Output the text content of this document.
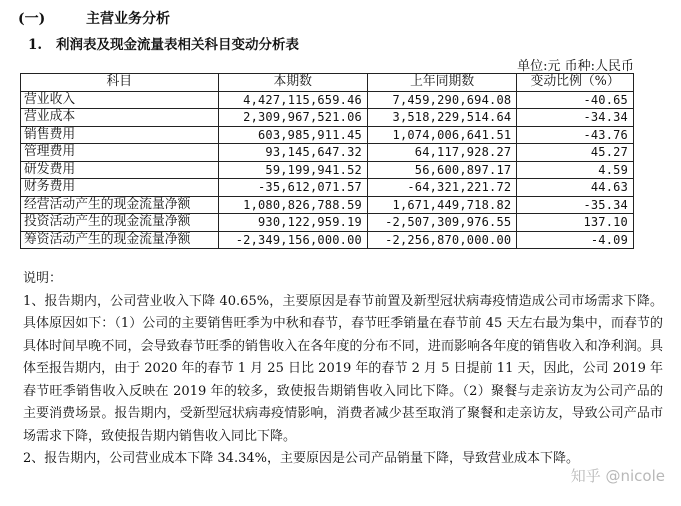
(一)	主营业务分析
1. 利润表及现金流量表相关科目变动分析表
单位:元 币种:人民币
科目	本期数	上年同期数	变动比例（%）
营业收入	4,427,115,659.46	7,459,290,694.08	-40.65
营业成本	2,309,967,521.06	3,518,229,514.64	-34.34
销售费用	603,985,911.45	1,074,006,641.51	-43.76
管理费用	93,145,647.32	64,117,928.27	45.27
研发费用	59,199,941.52	56,600,897.17	4.59
财务费用	-35,612,071.57	-64,321,221.72	44.63
经营活动产生的现金流量净额	1,080,826,788.59	1,671,449,718.82	-35.34
投资活动产生的现金流量净额	930,122,959.19	-2,507,309,976.55	137.10
筹资活动产生的现金流量净额	-2,349,156,000.00	-2,256,870,000.00	-4.09

说明：

1、报告期内，公司营业收入下降 40.65%，主要原因是春节前置及新型冠状病毒疫情造成公司市场需求下降。具体原因如下：（1）公司的主要销售旺季为中秋和春节，春节旺季销量在春节前 45 天左右最为集中，而春节的具体时间早晚不同，会导致春节旺季的销售收入在各年度的分布不同，进而影响各年度的销售收入和净利润。具体至报告期内，由于 2020 年的春节 1 月 25 日比 2019 年的春节 2 月 5 日提前 11 天，因此，公司 2019 年春节旺季销售收入反映在 2019 年的较多，致使报告期销售收入同比下降。（2）聚餐与走亲访友为公司产品的主要消费场景。报告期内，受新型冠状病毒疫情影响，消费者减少甚至取消了聚餐和走亲访友，导致公司产品市场需求下降，致使报告期内销售收入同比下降。

2、报告期内，公司营业成本下降 34.34%，主要原因是公司产品销量下降，导致营业成本下降。

知乎 @nicole
